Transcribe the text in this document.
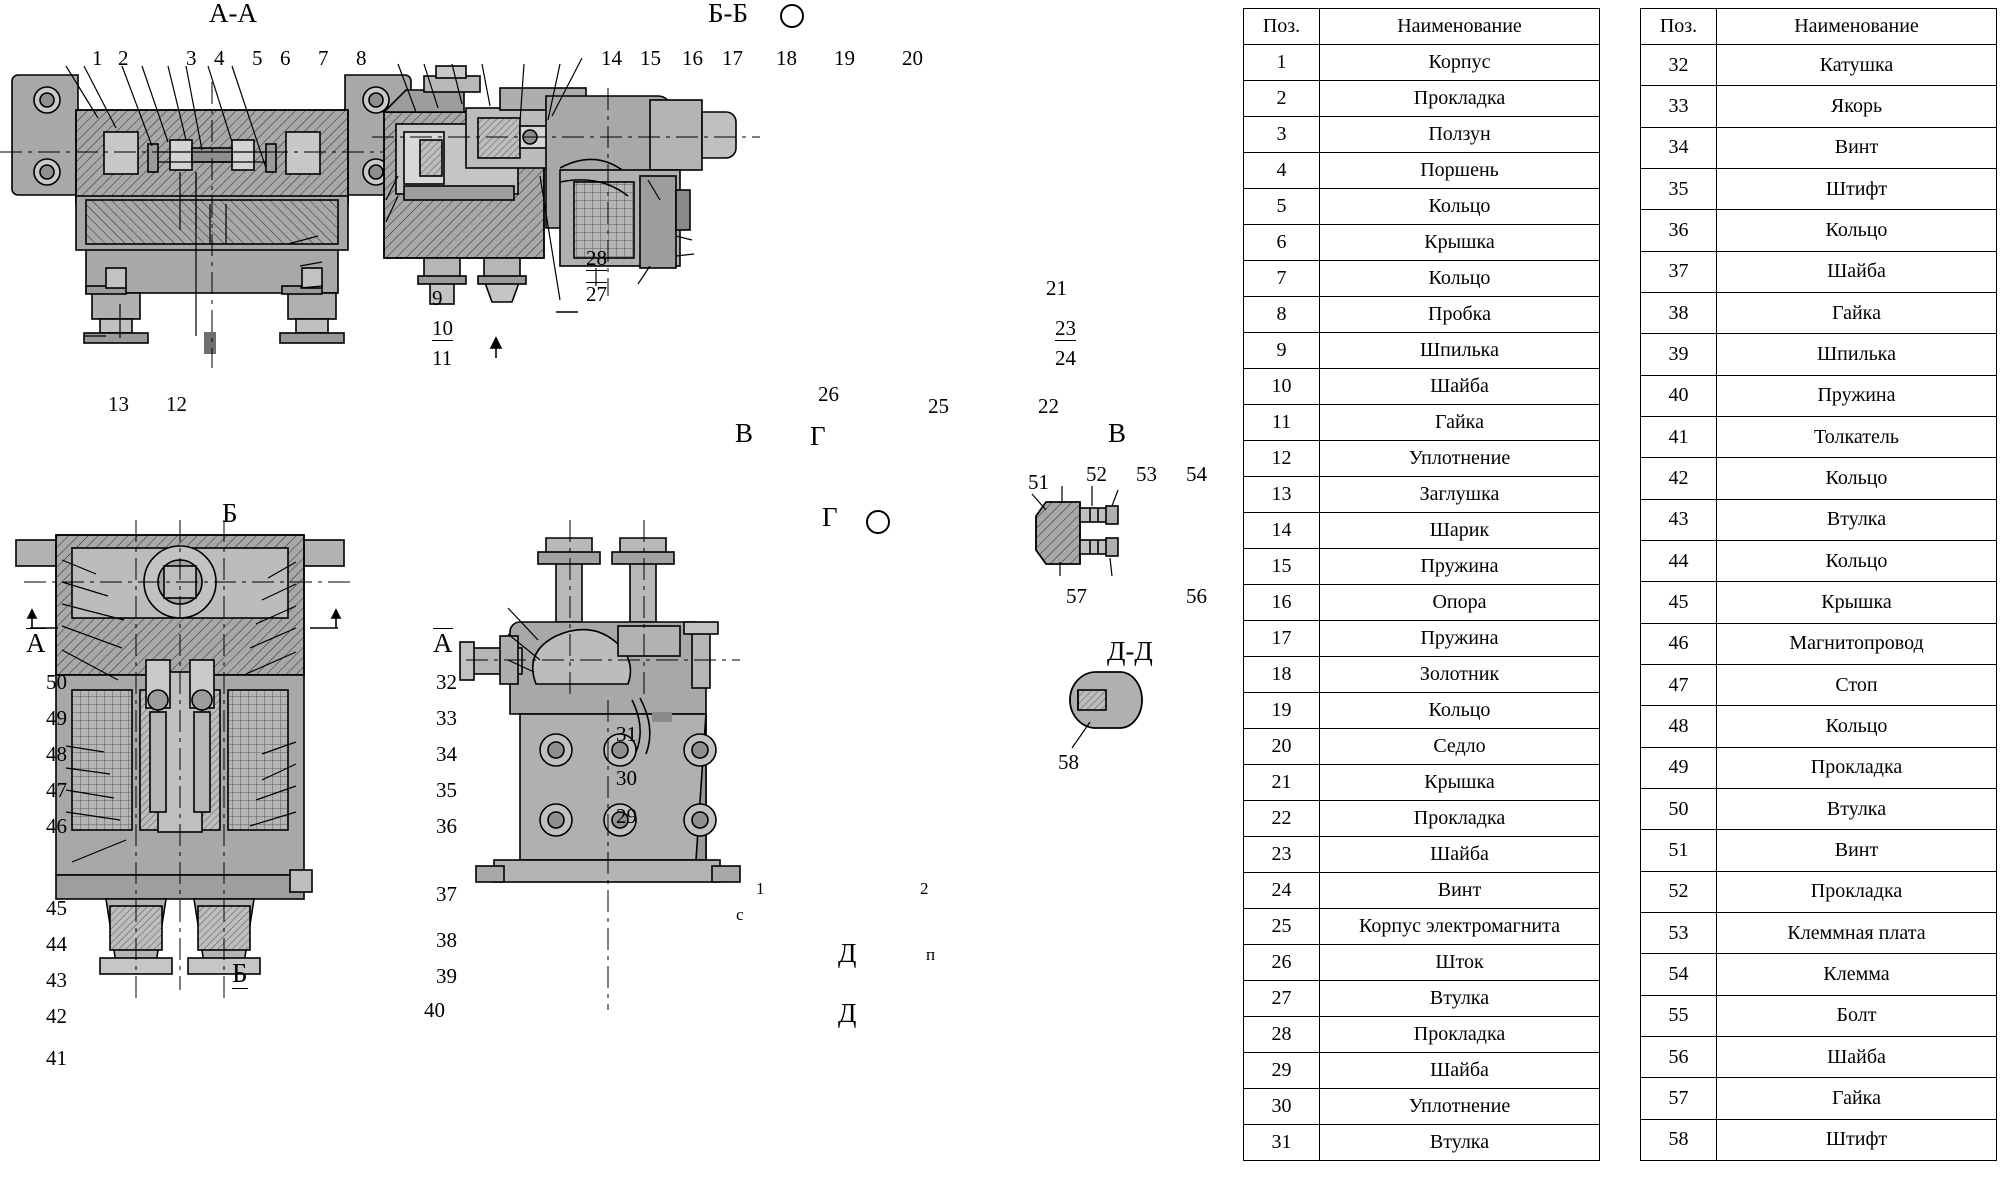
А-А	Б-Б
Б	Г
В
Д-Д
А	А
Б
В Г
Д
Д
1 2	3 4 5 6 7 8
9
10
11
12
13
14 15 16 17 18 19 20
21
22
23
24
25
26
27
28
50
49
48
47
46
45
44
43
42
41
32
33
34
35
36
37
38
39
40
31
30
29
1	2
с
п
51 52 53 54
57	56
58
Поз.	Наименование
1	Корпус
2	Прокладка
3	Ползун
4	Поршень
5	Кольцо
6	Крышка
7	Кольцо
8	Пробка
9	Шпилька
10	Шайба
11	Гайка
12	Уплотнение
13	Заглушка
14	Шарик
15	Пружина
16	Опора
17	Пружина
18	Золотник
19	Кольцо
20	Седло
21	Крышка
22	Прокладка
23	Шайба
24	Винт
25	Корпус электромагнита
26	Шток
27	Втулка
28	Прокладка
29	Шайба
30	Уплотнение
31	Втулка
Поз.	Наименование
32	Катушка
33	Якорь
34	Винт
35	Штифт
36	Кольцо
37	Шайба
38	Гайка
39	Шпилька
40	Пружина
41	Толкатель
42	Кольцо
43	Втулка
44	Кольцо
45	Крышка
46	Магнитопровод
47	Стоп
48	Кольцо
49	Прокладка
50	Втулка
51	Винт
52	Прокладка
53	Клеммная плата
54	Клемма
55	Болт
56	Шайба
57	Гайка
58	Штифт
